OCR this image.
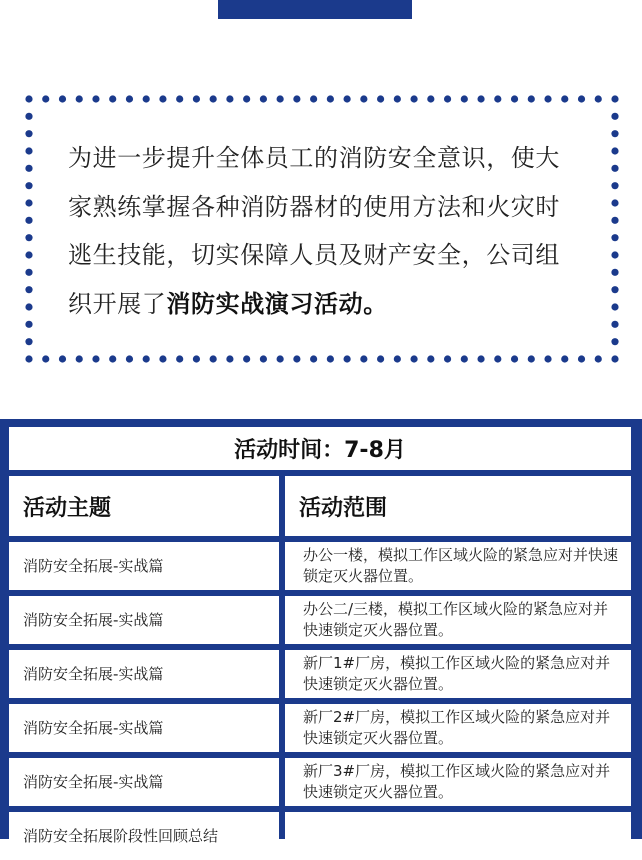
为进一步提升全体员工的消防安全意识，使大
家熟练掌握各种消防器材的使用方法和火灾时
逃生技能，切实保障人员及财产安全，公司组
织开展了消防实战演习活动。
活动时间：7-8月
活动主题	活动范围
消防安全拓展-实战篇
办公一楼，模拟工作区域火险的紧急应对并快速锁定灭火器位置。
消防安全拓展-实战篇
办公二/三楼，模拟工作区域火险的紧急应对并快速锁定灭火器位置。
消防安全拓展-实战篇
新厂1#厂房，模拟工作区域火险的紧急应对并快速锁定灭火器位置。
消防安全拓展-实战篇
新厂2#厂房，模拟工作区域火险的紧急应对并快速锁定灭火器位置。
消防安全拓展-实战篇
新厂3#厂房，模拟工作区域火险的紧急应对并快速锁定灭火器位置。
消防安全拓展阶段性回顾总结
